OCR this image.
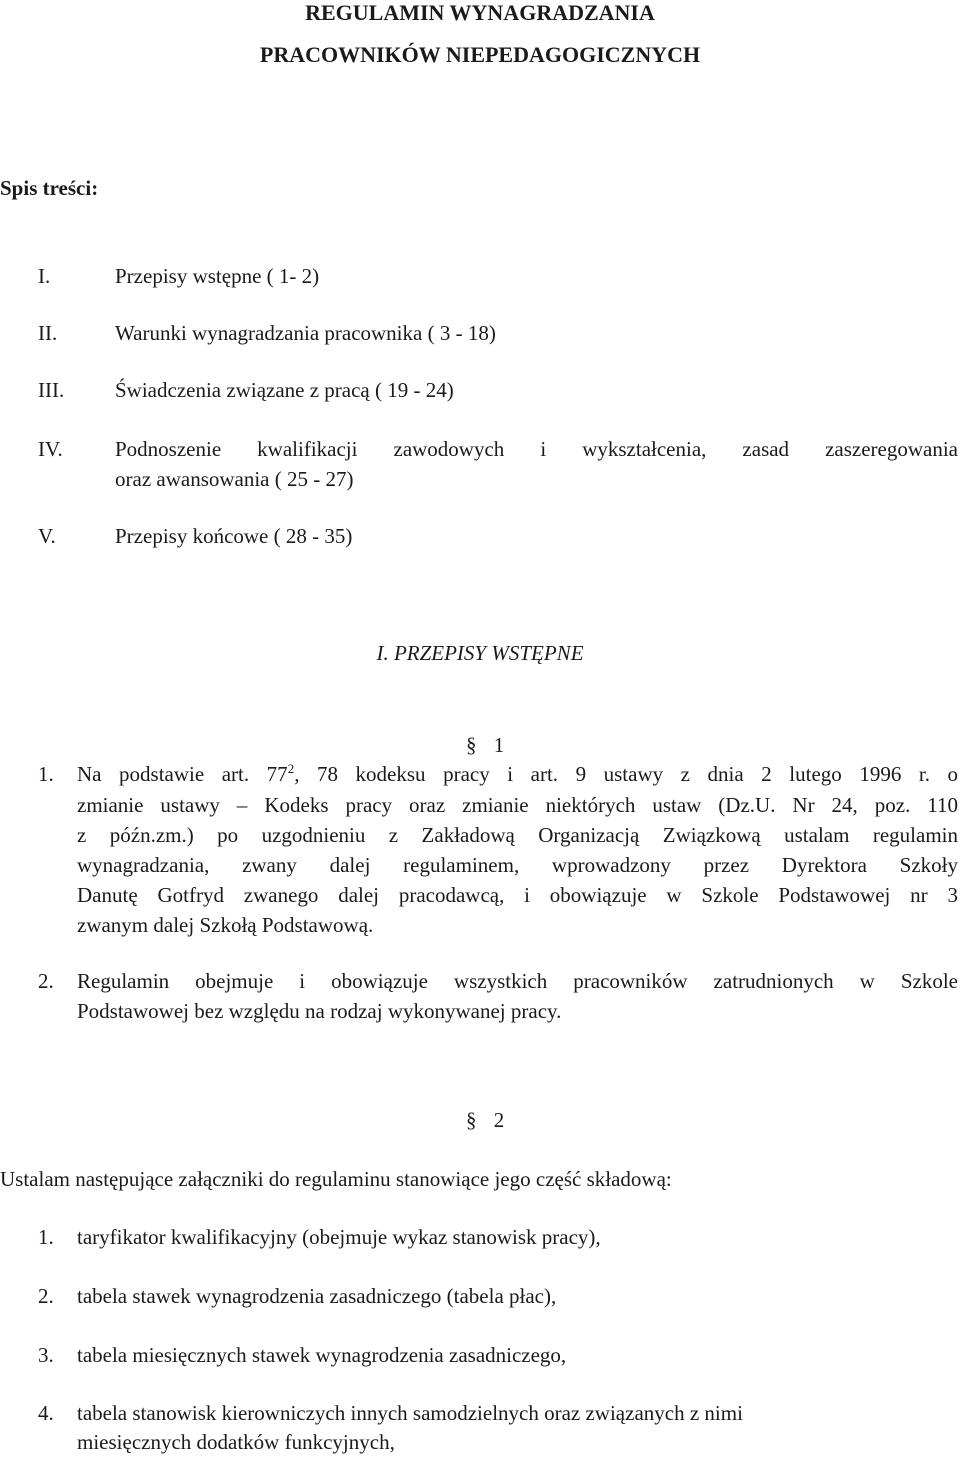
REGULAMIN WYNAGRADZANIA
PRACOWNIKÓW NIEPEDAGOGICZNYCH
Spis treści:
I.	Przepisy wstępne ( 1- 2)
II.	Warunki wynagradzania pracownika ( 3 - 18)
III.	Świadczenia związane z pracą ( 19 - 24)
IV.	Podnoszenie kwalifikacji zawodowych i wykształcenia, zasad zaszeregowania
oraz awansowania ( 25 - 27)
V.	Przepisy końcowe ( 28 - 35)
I. PRZEPISY WSTĘPNE
§ 1
1.	Na podstawie art. $77^2$, 78 kodeksu pracy i art. 9 ustawy z dnia 2 lutego 1996 r. o
zmianie ustawy – Kodeks pracy oraz zmianie niektórych ustaw (Dz.U. Nr 24, poz. 110
z późn.zm.) po uzgodnieniu z Zakładową Organizacją Związkową ustalam regulamin
wynagradzania, zwany dalej regulaminem, wprowadzony przez Dyrektora Szkoły
Danutę Gotfryd zwanego dalej pracodawcą, i obowiązuje w Szkole Podstawowej nr 3
zwanym dalej Szkołą Podstawową.
2.	Regulamin obejmuje i obowiązuje wszystkich pracowników zatrudnionych w Szkole
Podstawowej bez względu na rodzaj wykonywanej pracy.
§ 2
Ustalam następujące załączniki do regulaminu stanowiące jego część składową:
1.	taryfikator kwalifikacyjny (obejmuje wykaz stanowisk pracy),
2.	tabela stawek wynagrodzenia zasadniczego (tabela płac),
3.	tabela miesięcznych stawek wynagrodzenia zasadniczego,
4.	tabela stanowisk kierowniczych innych samodzielnych oraz związanych z nimi
miesięcznych dodatków funkcyjnych,
